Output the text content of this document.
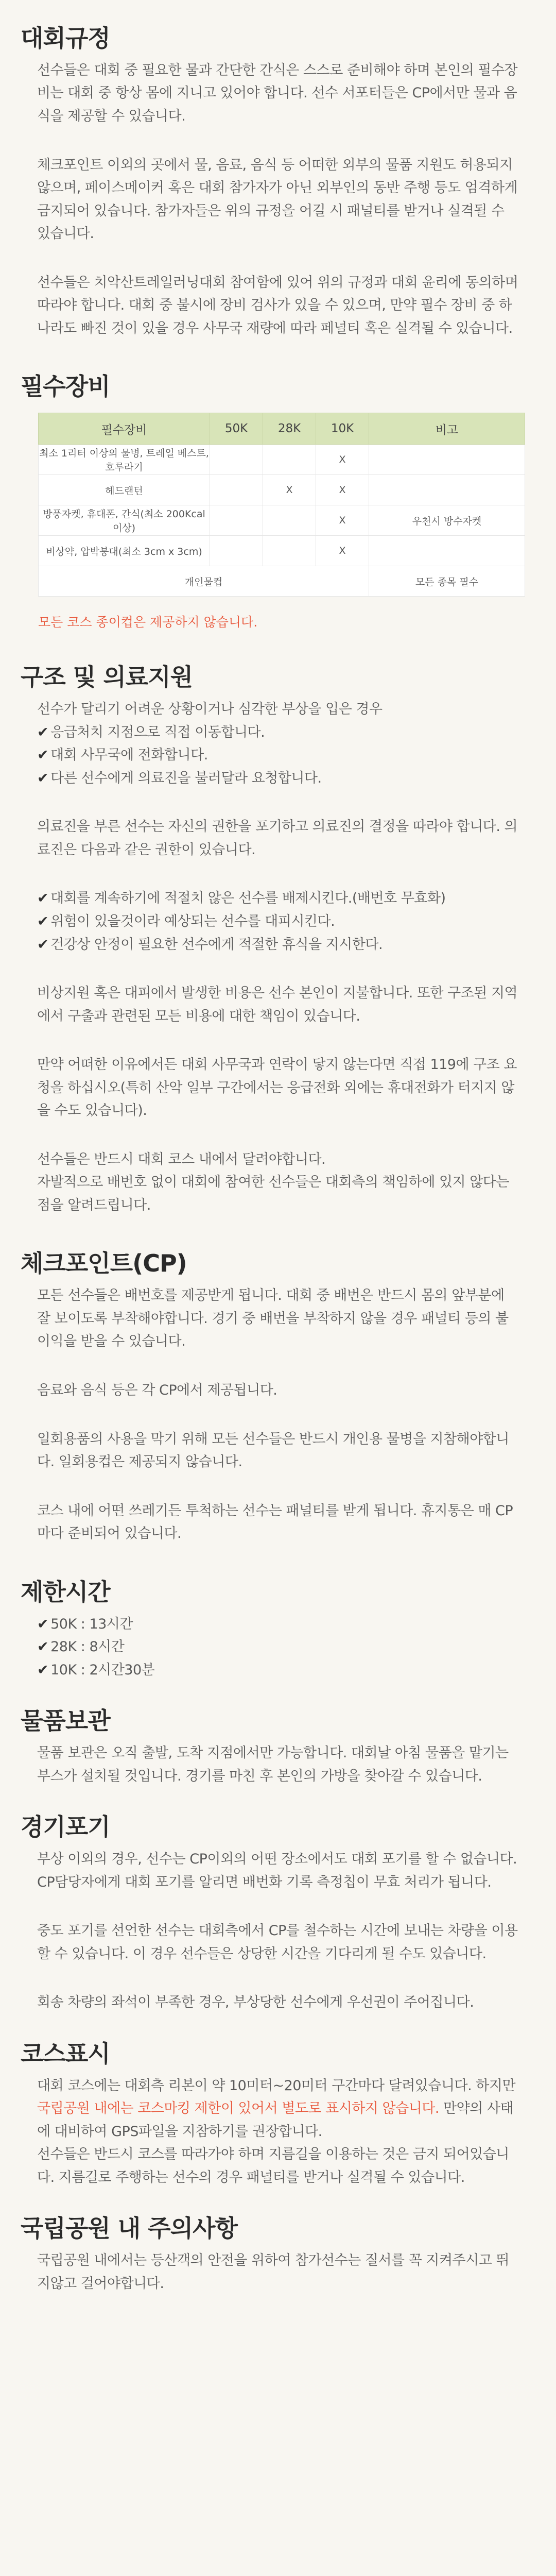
대회규정

선수들은 대회 중 필요한 물과 간단한 간식은 스스로 준비해야 하며 본인의 필수장비는 대회 중 항상 몸에 지니고 있어야 합니다. 선수 서포터들은 CP에서만 물과 음식을 제공할 수 있습니다.

체크포인트 이외의 곳에서 물, 음료, 음식 등 어떠한 외부의 물품 지원도 허용되지 않으며, 페이스메이커 혹은 대회 참가자가 아닌 외부인의 동반 주행 등도 엄격하게 금지되어 있습니다. 참가자들은 위의 규정을 어길 시 패널티를 받거나 실격될 수 있습니다.

선수들은 치악산트레일러닝대회 참여함에 있어 위의 규정과 대회 윤리에 동의하며 따라야 합니다. 대회 중 불시에 장비 검사가 있을 수 있으며, 만약 필수 장비 중 하나라도 빠진 것이 있을 경우 사무국 재량에 따라 페널티 혹은 실격될 수 있습니다.

필수장비
필수장비	50K	28K	10K	비고
최소 1리터 이상의 물병, 트레일 베스트, 호루라기			X	
헤드랜턴		X	X	
방풍자켓, 휴대폰, 간식(최소 200Kcal이상)			X	우천시 방수자켓
비상약, 압박붕대(최소 3cm x 3cm)			X	
개인물컵				모든 종목 필수

모든 코스 종이컵은 제공하지 않습니다.

구조 및 의료지원
선수가 달리기 어려운 상황이거나 심각한 부상을 입은 경우
✔ 응급처치 지점으로 직접 이동합니다.
✔ 대회 사무국에 전화합니다.
✔ 다른 선수에게 의료진을 불러달라 요청합니다.

의료진을 부른 선수는 자신의 권한을 포기하고 의료진의 결정을 따라야 합니다. 의료진은 다음과 같은 권한이 있습니다.

✔ 대회를 계속하기에 적절치 않은 선수를 배제시킨다.(배번호 무효화)
✔ 위험이 있을것이라 예상되는 선수를 대피시킨다.
✔ 건강상 안정이 필요한 선수에게 적절한 휴식을 지시한다.

비상지원 혹은 대피에서 발생한 비용은 선수 본인이 지불합니다. 또한 구조된 지역에서 구출과 관련된 모든 비용에 대한 책임이 있습니다.

만약 어떠한 이유에서든 대회 사무국과 연락이 닿지 않는다면 직접 119에 구조 요청을 하십시오(특히 산악 일부 구간에서는 응급전화 외에는 휴대전화가 터지지 않을 수도 있습니다).

선수들은 반드시 대회 코스 내에서 달려야합니다.
자발적으로 배번호 없이 대회에 참여한 선수들은 대회측의 책임하에 있지 않다는 점을 알려드립니다.
체크포인트(CP)

모든 선수들은 배번호를 제공받게 됩니다. 대회 중 배번은 반드시 몸의 앞부분에 잘 보이도록 부착해야합니다. 경기 중 배번을 부착하지 않을 경우 패널티 등의 불이익을 받을 수 있습니다.

음료와 음식 등은 각 CP에서 제공됩니다.

일회용품의 사용을 막기 위해 모든 선수들은 반드시 개인용 물병을 지참해야합니다. 일회용컵은 제공되지 않습니다.

코스 내에 어떤 쓰레기든 투척하는 선수는 패널티를 받게 됩니다. 휴지통은 매 CP마다 준비되어 있습니다.

제한시간
✔ 50K : 13시간
✔ 28K : 8시간
✔ 10K : 2시간30분
물품보관

물품 보관은 오직 출발, 도착 지점에서만 가능합니다. 대회날 아침 물품을 맡기는 부스가 설치될 것입니다. 경기를 마친 후 본인의 가방을 찾아갈 수 있습니다.

경기포기

부상 이외의 경우, 선수는 CP이외의 어떤 장소에서도 대회 포기를 할 수 없습니다. CP담당자에게 대회 포기를 알리면 배번화 기록 측정칩이 무효 처리가 됩니다.

중도 포기를 선언한 선수는 대회측에서 CP를 철수하는 시간에 보내는 차량을 이용할 수 있습니다. 이 경우 선수들은 상당한 시간을 기다리게 될 수도 있습니다.

회송 차량의 좌석이 부족한 경우, 부상당한 선수에게 우선권이 주어집니다.

코스표시

대회 코스에는 대회측 리본이 약 10미터~20미터 구간마다 달려있습니다. 하지만 국립공원 내에는 코스마킹 제한이 있어서 별도로 표시하지 않습니다. 만약의 사태에 대비하여 GPS파일을 지참하기를 권장합니다.

선수들은 반드시 코스를 따라가야 하며 지름길을 이용하는 것은 금지 되어있습니다. 지름길로 주행하는 선수의 경우 패널티를 받거나 실격될 수 있습니다.

국립공원 내 주의사항

국립공원 내에서는 등산객의 안전을 위하여 참가선수는 질서를 꼭 지켜주시고 뛰지않고 걸어야합니다.
